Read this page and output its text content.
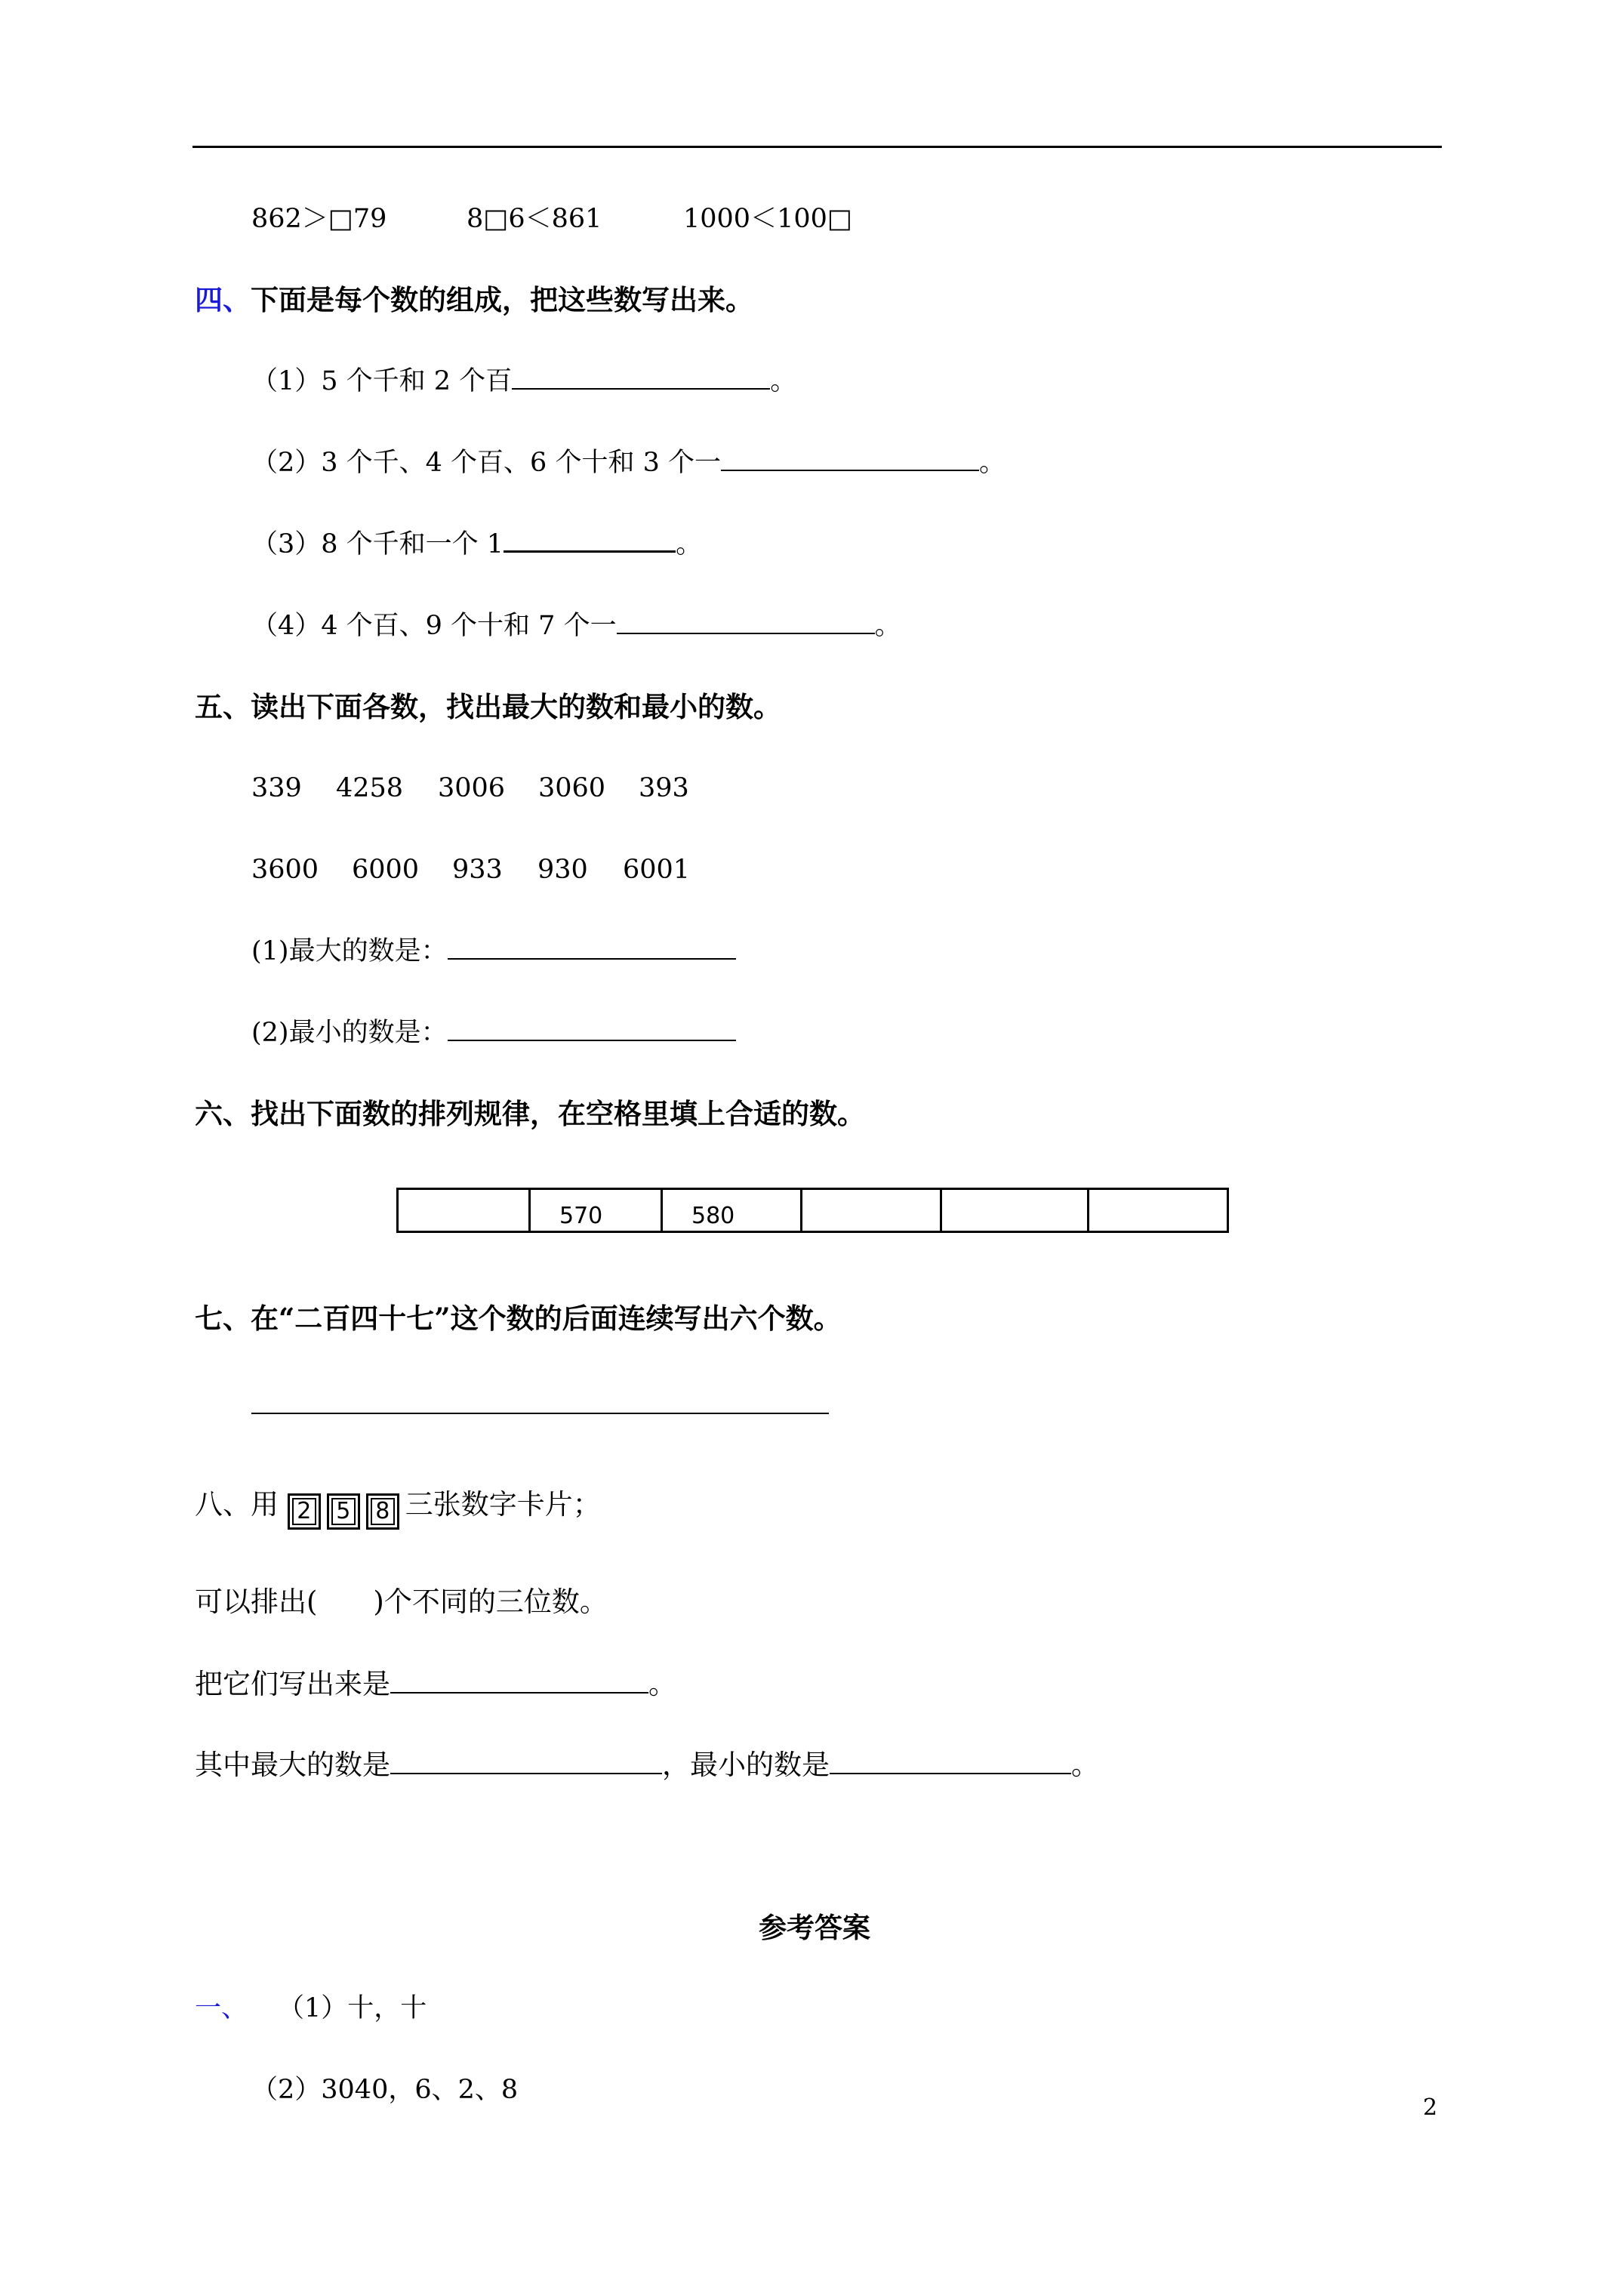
862＞□79	8□6＜861	1000＜100□
四、下面是每个数的组成，把这些数写出来。
（1）5 个千和 2 个百	。
（2）3 个千、4 个百、6 个十和 3 个一	。
（3）8 个千和一个 1	。
（4）4 个百、9 个十和 7 个一	。
五、读出下面各数，找出最大的数和最小的数。
339 4258 3006 3060 393
3600 6000 933 930 6001
(1)最大的数是：
(2)最小的数是：
六、找出下面数的排列规律，在空格里填上合适的数。
	570	580			
七、在“二百四十七”这个数的后面连续写出六个数。
八、用 2 5 8 三张数字卡片；
可以排出(　　)个不同的三位数。
把它们写出来是	。
其中最大的数是	，最小的数是	。
参考答案
一、 （1）十，十
（2）3040，6、2、8
2
